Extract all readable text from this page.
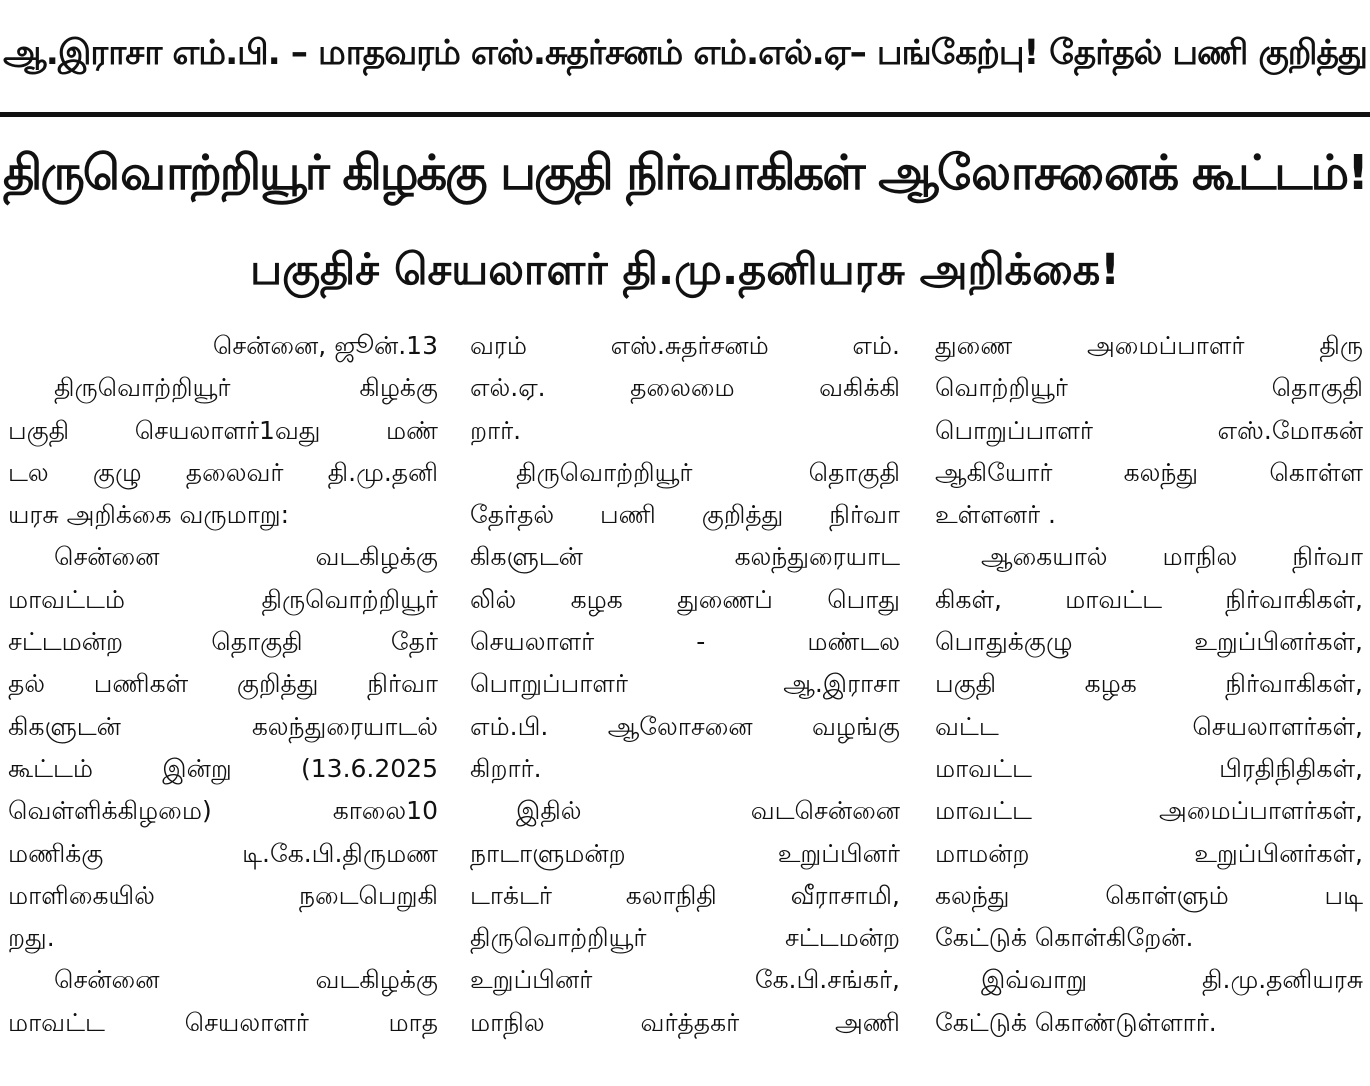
ஆ.இராசா எம்.பி. – மாதவரம் எஸ்.சுதர்சனம் எம்.எல்.ஏ– பங்கேற்பு! தேர்தல் பணி குறித்து
திருவொற்றியூர் கிழக்கு பகுதி நிர்வாகிகள் ஆலோசனைக் கூட்டம்!
பகுதிச் செயலாளர் தி.மு.தனியரசு அறிக்கை!

சென்னை, ஜூன்.13

திருவொற்றியூர் கிழக்கு

பகுதி செயலாளர்1வது மண்

டல குழு தலைவர் தி.மு.தனி

யரசு அறிக்கை வருமாறு:

சென்னை வடகிழக்கு

மாவட்டம் திருவொற்றியூர்

சட்டமன்ற தொகுதி தேர்

தல் பணிகள் குறித்து நிர்வா

கிகளுடன் கலந்துரையாடல்

கூட்டம் இன்று (13.6.2025

வெள்ளிக்கிழமை) காலை10

மணிக்கு டி.கே.பி.திருமண

மாளிகையில் நடைபெறுகி

றது.

சென்னை வடகிழக்கு

மாவட்ட செயலாளர் மாத

வரம் எஸ்.சுதர்சனம் எம்.

எல்.ஏ. தலைமை வகிக்கி

றார்.

திருவொற்றியூர் தொகுதி

தேர்தல் பணி குறித்து நிர்வா

கிகளுடன் கலந்துரையாட

லில் கழக துணைப் பொது

செயலாளர் - மண்டல

பொறுப்பாளர் ஆ.இராசா

எம்.பி. ஆலோசனை வழங்கு

கிறார்.

இதில் வடசென்னை

நாடாளுமன்ற உறுப்பினர்

டாக்டர் கலாநிதி வீராசாமி,

திருவொற்றியூர் சட்டமன்ற

உறுப்பினர் கே.பி.சங்கர்,

மாநில வர்த்தகர் அணி

துணை அமைப்பாளர் திரு

வொற்றியூர் தொகுதி

பொறுப்பாளர் எஸ்.மோகன்

ஆகியோர் கலந்து கொள்ள

உள்ளனர் .

ஆகையால் மாநில நிர்வா

கிகள், மாவட்ட நிர்வாகிகள்,

பொதுக்குழு உறுப்பினர்கள்,

பகுதி கழக நிர்வாகிகள்,

வட்ட செயலாளர்கள்,

மாவட்ட பிரதிநிதிகள்,

மாவட்ட அமைப்பாளர்கள்,

மாமன்ற உறுப்பினர்கள்,

கலந்து கொள்ளும் படி

கேட்டுக் கொள்கிறேன்.

இவ்வாறு தி.மு.தனியரசு

கேட்டுக் கொண்டுள்ளார்.
